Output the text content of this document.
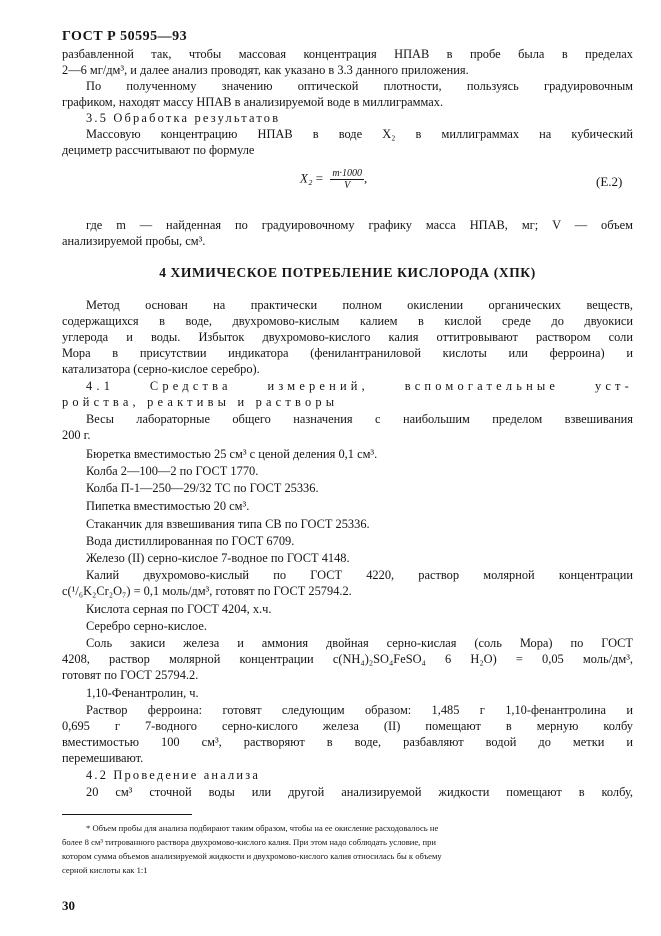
ГОСТ Р 50595—93
разбавленной так, чтобы массовая концентрация НПАВ в пробе была в пределах
2—6 мг/дм³, и далее анализ проводят, как указано в 3.3 данного приложения.
По полученному значению оптической плотности, пользуясь градуировочным
графиком, находят массу НПАВ в анализируемой воде в миллиграммах.
3.5 Обработка результатов
Массовую концентрацию НПАВ в воде X₂ в миллиграммах на кубический
дециметр рассчитывают по формуле
$X_2 = \frac{m\cdot 1000}{V}$ ,	(Е.2)
где m — найденная по градуировочному графику масса НПАВ, мг; V — объем
анализируемой пробы, см³.
4 ХИМИЧЕСКОЕ ПОТРЕБЛЕНИЕ КИСЛОРОДА (ХПК)
Метод основан на практически полном окислении органических веществ,
содержащихся в воде, двухромово-кислым калием в кислой среде до двуокиси
углерода и воды. Избыток двухромово-кислого калия оттитровывают раствором соли
Мора в присутствии индикатора (фенилантраниловой кислоты или ферроина) и
катализатора (серно-кислое серебро).
4.1 Средства измерений, вспомогательные уст-
ройства, реактивы и растворы
Весы лабораторные общего назначения с наибольшим пределом взвешивания
200 г.
Бюретка вместимостью 25 см³ с ценой деления 0,1 см³.
Колба 2—100—2 по ГОСТ 1770.
Колба П-1—250—29/32 ТС по ГОСТ 25336.
Пипетка вместимостью 20 см³.
Стаканчик для взвешивания типа СВ по ГОСТ 25336.
Вода дистиллированная по ГОСТ 6709.
Железо (II) серно-кислое 7-водное по ГОСТ 4148.
Калий двухромово-кислый по ГОСТ 4220, раствор молярной концентрации
с(¹/₆K₂Cr₂O₇) = 0,1 моль/дм³, готовят по ГОСТ 25794.2.
Кислота серная по ГОСТ 4204, х.ч.
Серебро серно-кислое.
Соль закиси железа и аммония двойная серно-кислая (соль Мора) по ГОСТ
4208, раствор молярной концентрации с(NH₄)₂SO₄FeSO₄ 6 H₂O) = 0,05 моль/дм³,
готовят по ГОСТ 25794.2.
1,10-Фенантролин, ч.
Раствор ферроина: готовят следующим образом: 1,485 г 1,10-фенантролина и
0,695 г 7-водного серно-кислого железа (II) помещают в мерную колбу
вместимостью 100 см³, растворяют в воде, разбавляют водой до метки и
перемешивают.
4.2 Проведение анализа
20 см³ сточной воды или другой анализируемой жидкости помещают в колбу,
* Объем пробы для анализа подбирают таким образом, чтобы на ее окисление расходовалось не
более 8 см³ титрованного раствора двухромово-кислого калия. При этом надо соблюдать условие, при
котором сумма объемов анализируемой жидкости и двухромово-кислого калия относилась бы к объему
серной кислоты как 1:1
30
